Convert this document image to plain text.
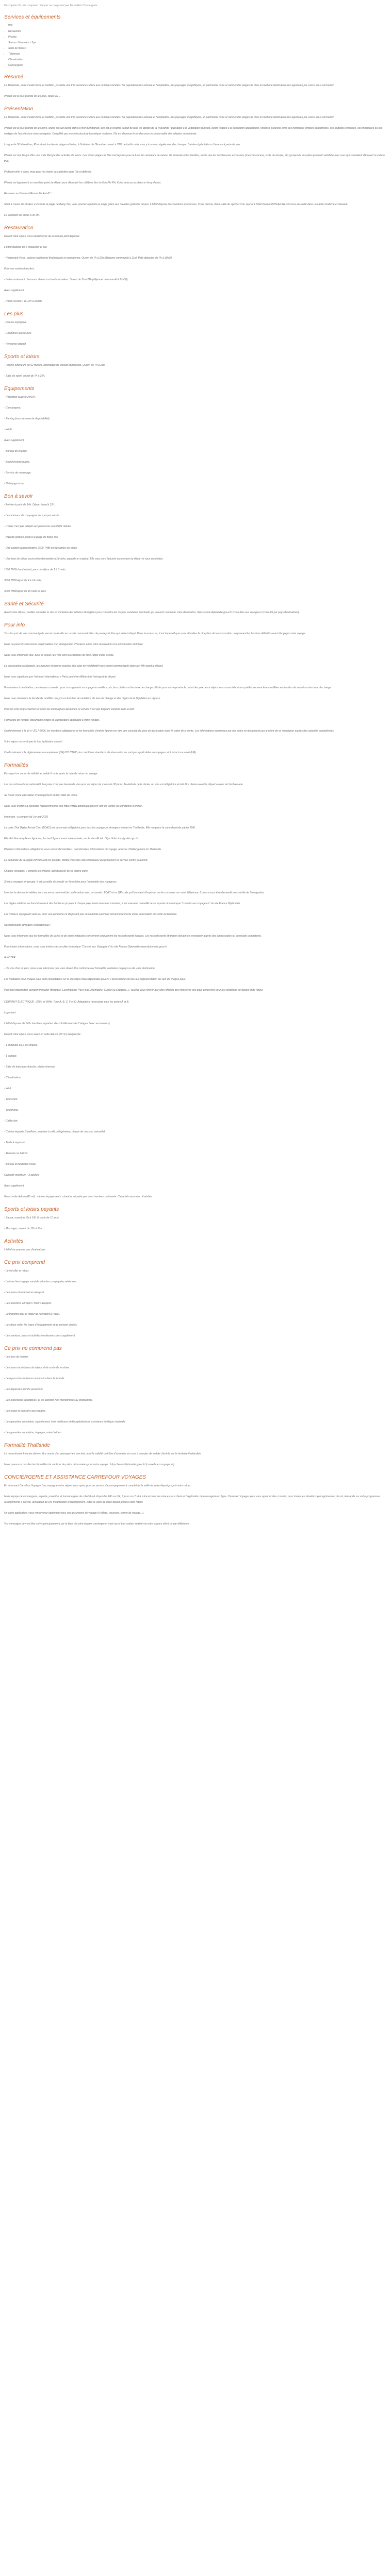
Description Ce prix comprend : Ce prix ne comprend pas Formalités Conciergerie
Services et équipements
• Wifi
• Restaurant
• Piscine
• Sauna - Hammam - Spa
• Salle de fitness
• Télévision
• Climatisation
• Conciergerie
Résumé

La Thaïlande, entre modernisme et tradition, possède une très ancienne culture aux multiples facettes. Sa population très amicale et hospitalière, des paysages magnifiques, un patrimoine riche et varié et des plages de rêve en font une destination très appréciée par soucis vous enchanter.

Phuket est la plus grande de les plus, situés au ...

Présentation

La Thaïlande, entre modernisme et tradition, possède une très ancienne culture aux multiples facettes. Sa population très amicale et hospitalière, des paysages magnifiques, un patrimoine riche et varié et des plages de rêve en font une destination très appréciée par soucis vous enchanter.

Phuket est la plus grande de les pays, situés au sud-ouest, dans la mer d'Andaman, elle est le résumé parfait de tous les attraits de la Thaïlande : paysages à la végétation tropicale, petits villages à la population accueillante, richesse culturelle avec ses nombreux temples bouddhistes, ses pagodes chinoises, ses mosquées ou ses vestiges de l'architecture sino-portugaise. Complété par une infrastructure touristique moderne, l'île est devenue le rendez-vous incontournable des adeptes du farniente.

Longue de 50 kilomètres, Phuket est bordée de plages et baies, à l'intérieur de l'île est recouvert à 70% de forêts mais vous y trouverez également des champs d'hévéa et plantations d'ananas à perte de vue.

Phuket est une île qui offre une vraie lifestyle des activités de loisirs. Les divers plages de l'île sont réputés pour le luxe, les amateurs de nature, de farniente et les familles, tandis que les nombreuses excursions (marchés locaux, visite de temple, etc.) proposés en option pourront satisfaire tous ceux qui souhaitent découvrir la culture thaï.

Profitant enfin à pleur, mais pour ne choisir ces activités dans l'île et délivrés.

Phuket est également un excellent point de départ pour découvrir les célèbres îles de Koh Phi Phi, Koh Lanta accessibles en ferry depuis.

Réservez au Diamond Resort Phuket 4* !

Situé à l'ouest de Phuket, à 2 km de la plage de Bang Tao, vous pourrez rejoindre la plage grâce aux navettes gratuites depuis. L'hôtel dispose de chambres spacieuses, d'une piscine, d'une salle de sport et d'un sauna. L'hôtel Diamond Phuket Resort vous accueille dans un cadre moderne et relaxant.

Le transport est inclus à 30 km.

Restauration

Durant votre séjour, vous bénéficierez de la formule petit déjeuner.

L'hôtel dispose de 1 restaurant et bar.

- Restaurant Vista : cuisine traditionnel thaïlandaise et européenne. Ouvert de 7h à 22h (déjeuner commandé à 11h). Petit déjeuner, de 7h à 10h30.

Pour vos soirées/transfert :

- Italian restaurant : boissons desserts et mets de valeur. Ouvert de 7h à 22h (déjeuner commandé à 21h30).

Avec supplément :

- Room service : de 12h à 21h30.

Les plus

- Piscine olympique

- Chambres spacieuses

- Personnel attentif

Sports et loisirs

- Piscine extérieure de 52 mètres, aménagée de transat et parasols. Ouvert de 7h à 21h.

- Salle de sport, ouvert de 7h à 21h.

Equipements

- Réception ouverte 24h/24.

- Conciergerie.

- Parking (sous réserve de disponibilité).

- Wi-Fi.

Avec supplément :

- Bureau de change.

- Blanchisserie/laverie.

- Service de repassage.

- Nettoyage à sec.

Bon à savoir

- Arrivée à partir de 14h. Départ jusqu'à 12h.

- Les animaux de compagnie ne sont pas admis.

- L'hôtel n'est pas adapté aux personnes à mobilité réduite.

- Navette gratuite jusqu'à la plage de Bang Tao.

- Une caution (approximative 2500 THB) est réclamée sur place.

- Une taxe de séjour pourra être demandée à l'arrivée, payable en espèce. Elle vous sera facturée au moment du départ si vous en résidez.

1000 THB/chambre/nuit, pour un séjour de 1 à 3 nuits.

3000 THB/séjour de 4 à 14 nuits.

3000 THB/séjour de 15 nuits ou plus.

Santé et Sécurité

Avant votre départ, veuillez consulter le site du ministère des Affaires étrangères pour connaître les risques sanitaires éventuels qui peuvent concerner votre destination. https://www.diplomatie.gouv.fr/ (consultez aux voyageurs (consulté par pays destinations).

Pour info

Tous les prix de vols communiqués seront recalculés en cas de communication de passeport libre qui s'être indiqué. Dans tous les cas, il est impératif que vous attendiez la réception de la convocation comprenant les horaires définitifs avant d'engager votre voyage.

Nous ne pourrons être tenus responsables d'un changement d'horaires entre votre réservation et la convocation définitive.

Nous vous informons que, pour ce séjour, les vols sont susceptibles de faire l'objet d'une escale.

La convocation à l'aéroport, les horaires et heures exactes et le plan de vol définitif vous seront communiqués dans les 48h avant le départ.

Nous vous signalons que l'aéroport international a Paris peut être différent de l'aéroport de départ.

Prestataires à destination, ces risques couverts : pour vous garantir un voyage au meilleur prix, les cotations et les taux de change utilisés pour correspondre le calcul des prix de ce séjour, nous vous informons qu'elles peuvent être modifiées en fonction de variations des taux de change.

Nous nous réservons la faculté de modifier nos prix en fonction de variations de taux de change et des règles de la législation en vigueur.

Pour les vols longs courriers et selon les compagnies aériennes, le service n'est pas toujours compris dans le tarif.

Formalités de voyage, documents exigés et la procédure applicable à votre voyage.

Conformément à la loi n° 2017-2006, les mentions obligatoires et les formalités d'entrée figurent en tant que consulat du pays de destination dans le cadre de la vente. Les informations transmises par nos soins ne dispensent pas le client de se renseigner auprès des autorités compétentes.

Votre séjour ne serait pas le tout 'aptitudes suivant'.

Conformément à la réglementation européenne (UE) 2017/1205, les conditions standards de réservation ne sont pas applicables au voyageur et à mise à sa santé (UE).

Formalités

Passeport en cours de validité, et valide 6 mois après la date de retour du voyage.

Les ressortissants de nationalité française n'ont pas besoin de visa pour un séjour de moins de 30 jours. Au-delà de cette durée, un visa est obligatoire et doit être obtenu avant le départ auprès de l'ambassade.

Se munir d'une attestation d'hébergement et d'un billet de retour.

Nous vous invitons à consulter régulièrement le site https://www.diplomatie.gouv.fr/ afin de vérifier les conditions d'entrée.

Important : à compter de 1er mai 2025

La carte Thai Digital Arrival Card (TDAC) est désormais obligatoire pour tous les voyageurs étrangers entrant en Thaïlande. Elle remplace la carte d'arrivée papier TM6.

Elle doit être remplie en ligne au plus tard 3 jours avant votre arrivée, sur le site officiel : https://tdac.immigration.go.th

Plusieurs informations obligatoires vous seront demandées : coordonnées, informations de voyage, adresse d'hébergement en Thaïlande.

La demande de la Digital Arrival Card est gratuite. Méfiez-vous des sites frauduleux qui proposent ce service contre paiement.

Chaque voyageur, y compris les enfants, doit disposer de sa propre carte.

Si vous voyagez en groupe, il est possible de remplir un formulaire pour l'ensemble des voyageurs.

Une fois la demande validée, vous recevrez un e-mail de confirmation avec un numéro TDAC et un QR code qu'il convient d'imprimer ou de conserver sur votre téléphone. Il pourra vous être demandé au contrôle de l'immigration.

Les règles relatives au franchissement des frontières propres à chaque pays étant amenées à évoluer, il est vivement conseillé de se reporter à la rubrique "conseils aux voyageurs" du site France Diplomatie.

Les mineurs voyageant seuls ou avec une personne ne disposant pas de l'autorité parentale doivent être munis d'une autorisation de sortie du territoire.

Ressortissants étrangers et binationaux :

Nous vous informons que les formalités de police et de santé indiquées concernent uniquement les ressortissants français. Les ressortissants étrangers doivent se renseigner auprès des ambassades ou consulats compétents.

Pour toutes informations, vous vous invitons à consulter la rubrique "Conseil aux Voyageurs" du site France Diplomatie www.diplomatie.gouv.fr

A NOTER

- Un visa d'un ou plus, nous vous informons que vous devez être conforme aux formalités sanitaires du pays ou de votre destination.

Les modalités pour chaque pays sont consultables sur le site https://www.diplomatie.gouv.fr/ L'accessibilité est liée à la réglementation au sein de chaque pays.

Pour tout départ d'un aéroport frontalier (Belgique, Luxembourg, Pays-Bas, Allemagne, Suisse ou Espagne...), veuillez vous référer aux sites officiels des ministères des pays concernés pour les conditions de départ et de retour.

COURANT ÉLECTRIQUE : 220V et 50Hz. Type A, B, C, F et O. Adaptateur nécessaire pour les prises A et B.

Logement

L'hôtel dispose de 145 chambres, réparties dans 5 bâtiments de 7 étages (avec ascenseurs).

Durant votre séjour, vous serez en suite deluxe (23 m²) équipée de :

- 1 lit double ou 2 lits simples.

- 1 canapé.

- Salle de bain avec douche, sèche-cheveux.

- Climatisation.

- Wi-fi.

- Télévision.

- Téléphone.

- Coffre-fort.

- Cuisine équipée (bouilloire, machine à café, réfrigérateur, plaque de cuisson, vaisselle).

- Table à repasser.

- Terrasse ou balcon.

- Bureau et bouteilles d'eau.

Capacité maximum : 3 adultes.

Avec supplément :

Grand suite deluxe (40 m²) : mêmes équipements, chambre séparée par une chambre coulissante. Capacité maximum : 4 adultes.

Sports et loisirs payants

- Sauna, ouvert de 7h à 19h (à partir de 10 ans).

- Massages, ouvert de 10h à 21h.

Activités

L'hôtel ne propose pas d'animations.

Ce prix comprend

- Le vol aller et retour.

- La franchise bagage variable selon les compagnies aériennes.

- Les taxes et redevances aéroport.

- Les transferts aéroport / hôtel / aéroport.

- Le transfert aller et retour de l'aéroport à l'hôtel.

- Le séjour selon les types d'hébergement et de pension choisis.

- Les services, taxes et activités mentionnés sans supplément.

Ce prix ne comprend pas

- Les frais de dossier.

- Les taxes touristiques de séjour et de sortie du territoire.

- Le repas et les boissons non inclus dans la formule.

- Les dépenses d'ordre personnel.

- Les excursions facultatives, et les activités non mentionnées au programme.

- Les repas et boissons aux escales.

- Les garanties annulation, rapatriement, frais médicaux et d'hospitalisation, assistance juridique et pénale.

- Les garanties annulation, bagages, retard aérien.

Formalité Thaïlande

Le ressortissant français doivent être munis d'un passeport en bon état, dont la validité doit être d'au moins six mois à compter de la date d'entrée sur le territoire thaïlandais.

Nous pouvons consulter les formalités de santé et de police nécessaires pour votre voyage : https://www.diplomatie.gouv.fr/ (conseils aux voyageurs)

CONCIERGERIE ET ASSISTANCE CARREFOUR VOYAGES

En réservant Carrefour Voyages l'accompagne votre séjour, vous optez pour un service d'accompagnement complet de la veille de votre départ jusqu'à votre retour.

Notre équipe de conciergerie, experte, proactive et humaine (pas de robot !) est disponible 24h sur 24, 7 jours sur 7 et à votre écoute via votre espace client et l'application de messagerie en ligne. Carrefour Voyages peut vous apporter des conseils, pour toutes les situations (enregistrement de vol, demande sur votre programme, arrangements à prévoir, annulation de vol, modification d'hébergement...) dès la veille de votre départ jusqu'à votre retour.

Un autre application, vous retrouverez également tous vos documents de voyage (e-billets, vouchers, carnet de voyage...).

Vos messages devront être suivis principalement par le biais de notre équipe conciergerie, mais aussi tout contact réalisé via votre espace client ou par téléphone.
